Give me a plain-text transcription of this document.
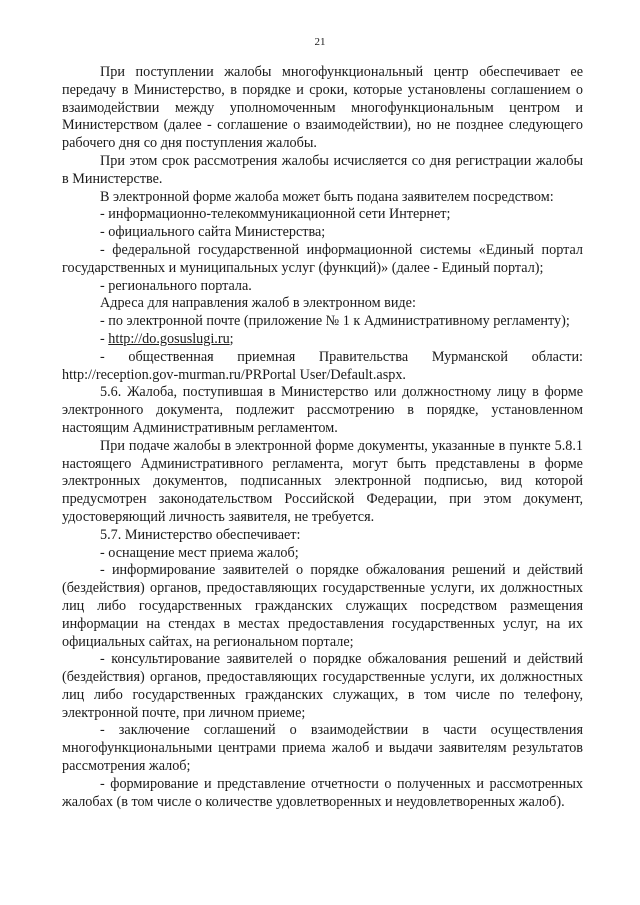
21

При поступлении жалобы многофункциональный центр обеспечивает ее передачу в Министерство, в порядке и сроки, которые установлены соглашением о взаимодействии между уполномоченным многофункциональным центром и Министерством (далее - соглашение о взаимодействии), но не позднее следующего рабочего дня со дня поступления жалобы.

При этом срок рассмотрения жалобы исчисляется со дня регистрации жалобы в Министерстве.

В электронной форме жалоба может быть подана заявителем посредством:

- информационно-телекоммуникационной сети Интернет;

- официального сайта Министерства;

- федеральной государственной информационной системы «Единый портал государственных и муниципальных услуг (функций)» (далее - Единый портал);

- регионального портала.

Адреса для направления жалоб в электронном виде:

- по электронной почте (приложение № 1 к Административному регламенту);

- http://do.gosuslugi.ru;

- общественная приемная Правительства Мурманской области: http://reception.gov-murman.ru/PRPortal User/Default.aspx.

5.6. Жалоба, поступившая в Министерство или должностному лицу в форме электронного документа, подлежит рассмотрению в порядке, установленном настоящим Административным регламентом.

При подаче жалобы в электронной форме документы, указанные в пункте 5.8.1 настоящего Административного регламента, могут быть представлены в форме электронных документов, подписанных электронной подписью, вид которой предусмотрен законодательством Российской Федерации, при этом документ, удостоверяющий личность заявителя, не требуется.

5.7. Министерство обеспечивает:

- оснащение мест приема жалоб;

- информирование заявителей о порядке обжалования решений и действий (бездействия) органов, предоставляющих государственные услуги, их должностных лиц либо государственных гражданских служащих посредством размещения информации на стендах в местах предоставления государственных услуг, на их официальных сайтах, на региональном портале;

- консультирование заявителей о порядке обжалования решений и действий (бездействия) органов, предоставляющих государственные услуги, их должностных лиц либо государственных гражданских служащих, в том числе по телефону, электронной почте, при личном приеме;

- заключение соглашений о взаимодействии в части осуществления многофункциональными центрами приема жалоб и выдачи заявителям результатов рассмотрения жалоб;

- формирование и представление отчетности о полученных и рассмотренных жалобах (в том числе о количестве удовлетворенных и неудовлетворенных жалоб).
